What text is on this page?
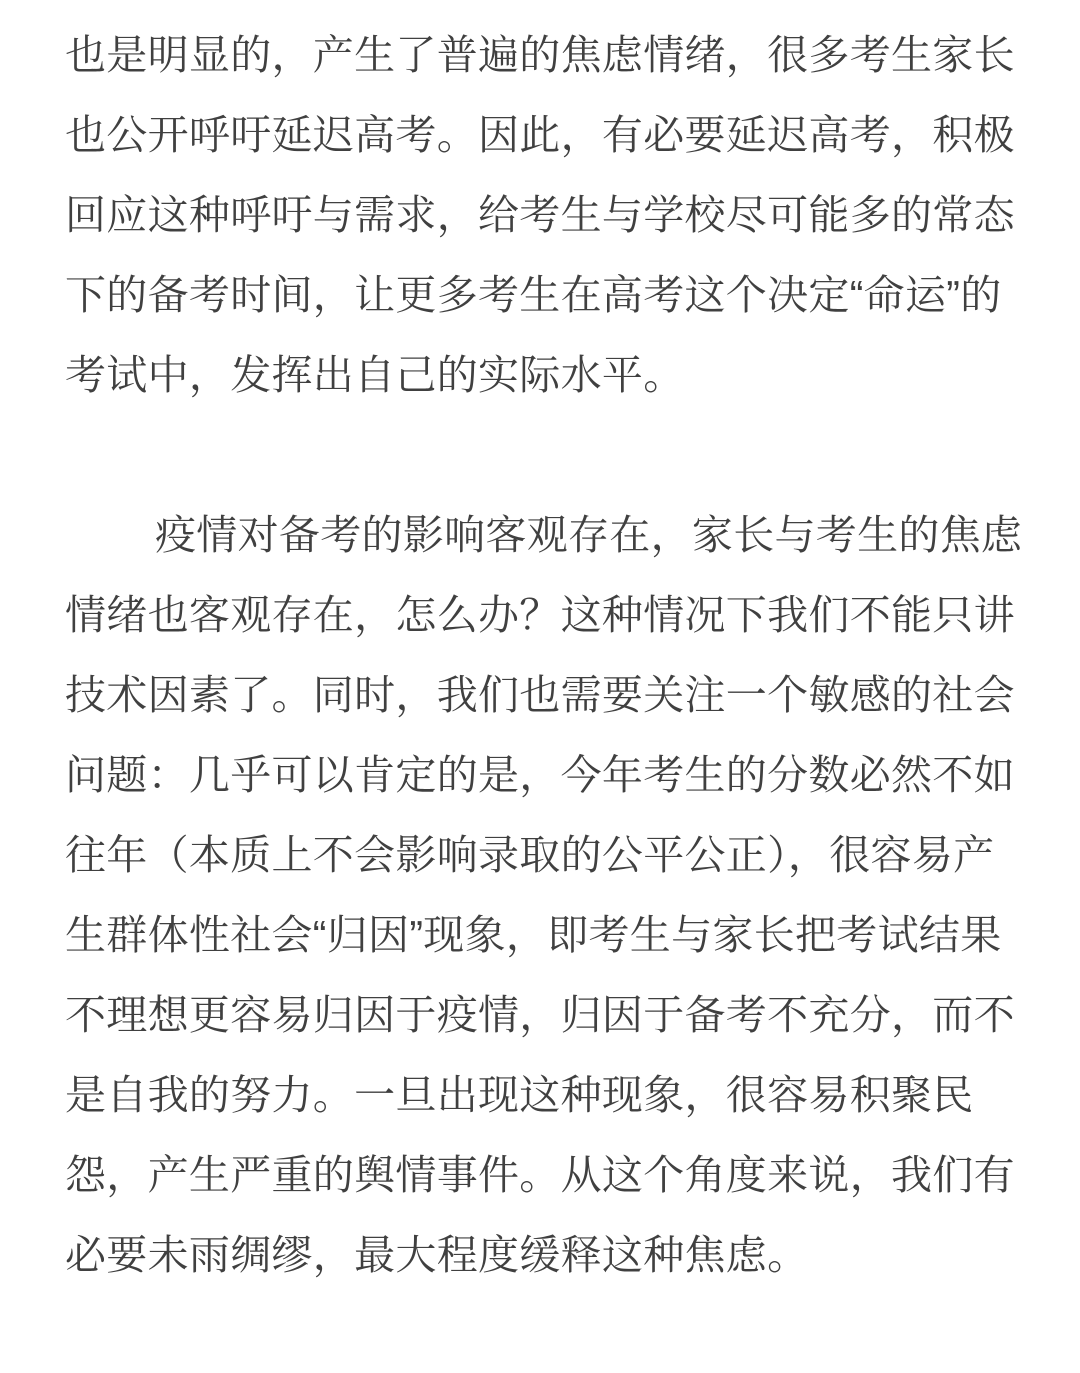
也是明显的，产生了普遍的焦虑情绪，很多考生家长
也公开呼吁延迟高考。因此，有必要延迟高考，积极
回应这种呼吁与需求，给考生与学校尽可能多的常态
下的备考时间，让更多考生在高考这个决定“命运”的
考试中，发挥出自己的实际水平。
疫情对备考的影响客观存在，家长与考生的焦虑
情绪也客观存在，怎么办？这种情况下我们不能只讲
技术因素了。同时，我们也需要关注一个敏感的社会
问题：几乎可以肯定的是，今年考生的分数必然不如
往年（本质上不会影响录取的公平公正），很容易产
生群体性社会“归因”现象，即考生与家长把考试结果
不理想更容易归因于疫情，归因于备考不充分，而不
是自我的努力。一旦出现这种现象，很容易积聚民
怨，产生严重的舆情事件。从这个角度来说，我们有
必要未雨绸缪，最大程度缓释这种焦虑。
